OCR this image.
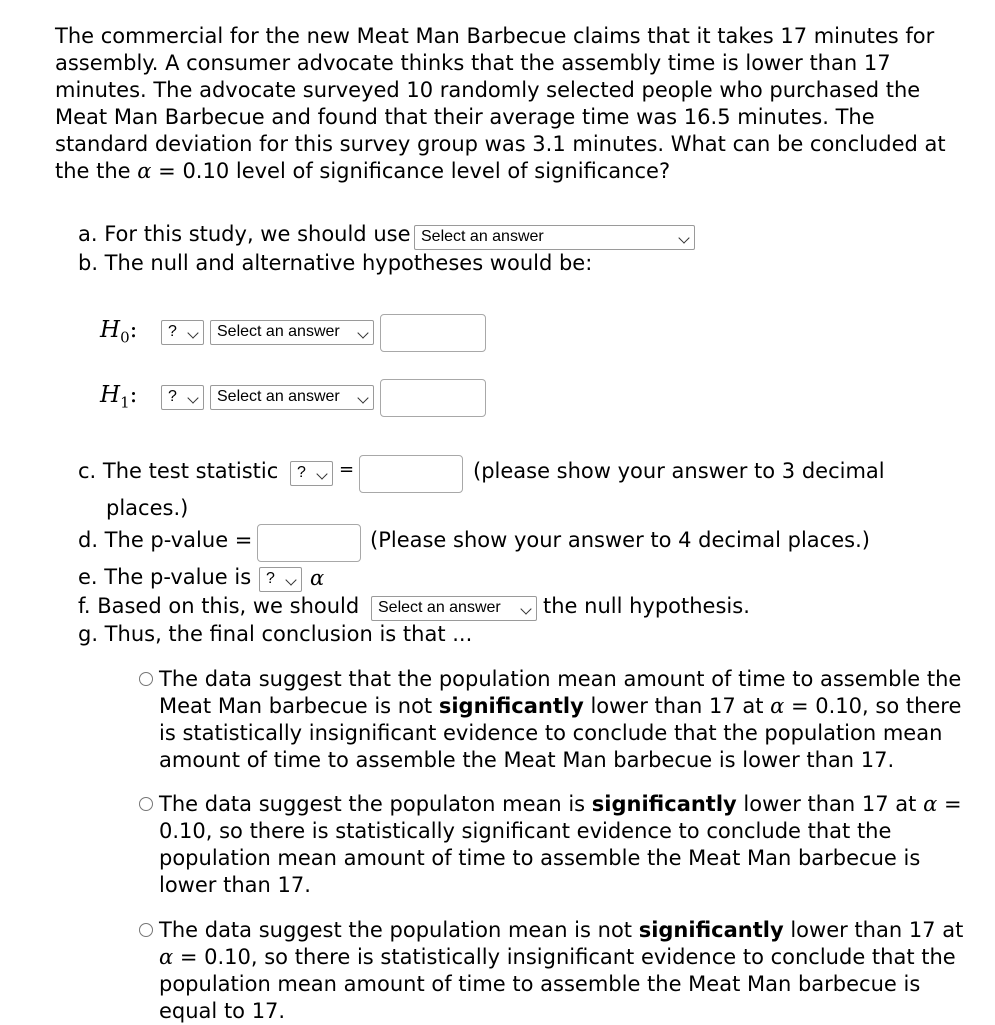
The commercial for the new Meat Man Barbecue claims that it takes 17 minutes for
assembly. A consumer advocate thinks that the assembly time is lower than 17
minutes. The advocate surveyed 10 randomly selected people who purchased the
Meat Man Barbecue and found that their average time was 16.5 minutes. The
standard deviation for this survey group was 3.1 minutes. What can be concluded at
the the α = 0.10 level of significance level of significance?
a. For this study, we should use Select an answer
b. The null and alternative hypotheses would be:
$H_0$:	?	Select an answer
$H_1$:	?	Select an answer
c. The test statistic	?	=	(please show your answer to 3 decimal
places.)
d. The p-value =	(Please show your answer to 4 decimal places.)
e. The p-value is ?	α
f. Based on this, we should	Select an answer	the null hypothesis.
g. Thus, the final conclusion is that ...
The data suggest that the population mean amount of time to assemble the
Meat Man barbecue is not significantly lower than 17 at α = 0.10, so there
is statistically insignificant evidence to conclude that the population mean
amount of time to assemble the Meat Man barbecue is lower than 17.
The data suggest the populaton mean is significantly lower than 17 at α =
0.10, so there is statistically significant evidence to conclude that the
population mean amount of time to assemble the Meat Man barbecue is
lower than 17.
The data suggest the population mean is not significantly lower than 17 at
α = 0.10, so there is statistically insignificant evidence to conclude that the
population mean amount of time to assemble the Meat Man barbecue is
equal to 17.
